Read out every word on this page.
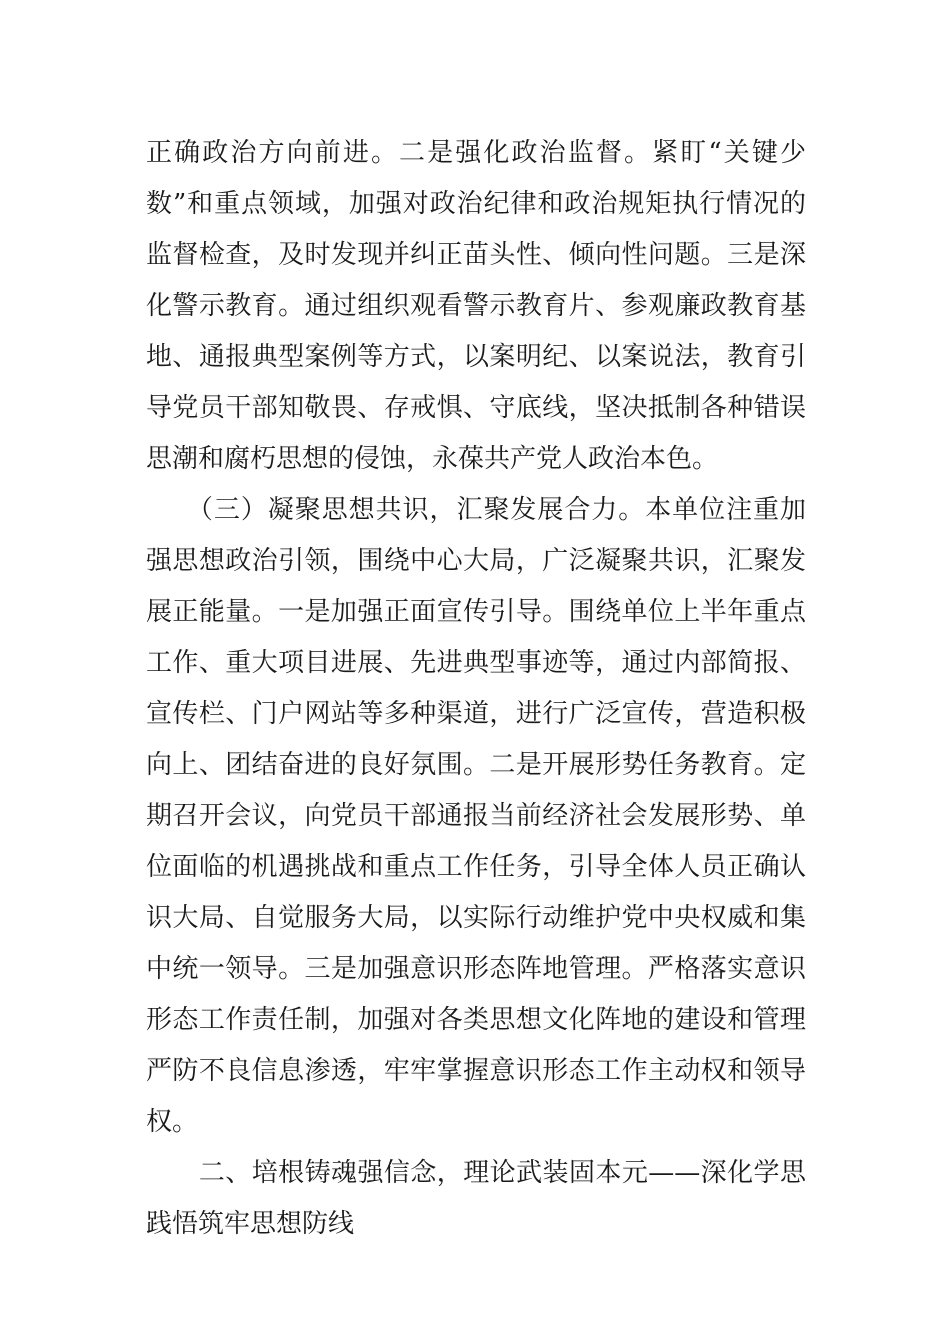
正确政治方向前进。二是强化政治监督。紧盯“关键少
数”和重点领域，加强对政治纪律和政治规矩执行情况的
监督检查，及时发现并纠正苗头性、倾向性问题。三是深
化警示教育。通过组织观看警示教育片、参观廉政教育基
地、通报典型案例等方式，以案明纪、以案说法，教育引
导党员干部知敬畏、存戒惧、守底线，坚决抵制各种错误
思潮和腐朽思想的侵蚀，永葆共产党人政治本色。
　　（三）凝聚思想共识，汇聚发展合力。本单位注重加
强思想政治引领，围绕中心大局，广泛凝聚共识，汇聚发
展正能量。一是加强正面宣传引导。围绕单位上半年重点
工作、重大项目进展、先进典型事迹等，通过内部简报、
宣传栏、门户网站等多种渠道，进行广泛宣传，营造积极
向上、团结奋进的良好氛围。二是开展形势任务教育。定
期召开会议，向党员干部通报当前经济社会发展形势、单
位面临的机遇挑战和重点工作任务，引导全体人员正确认
识大局、自觉服务大局，以实际行动维护党中央权威和集
中统一领导。三是加强意识形态阵地管理。严格落实意识
形态工作责任制，加强对各类思想文化阵地的建设和管理
严防不良信息渗透，牢牢掌握意识形态工作主动权和领导
权。
　　二、培根铸魂强信念，理论武装固本元——深化学思
践悟筑牢思想防线
